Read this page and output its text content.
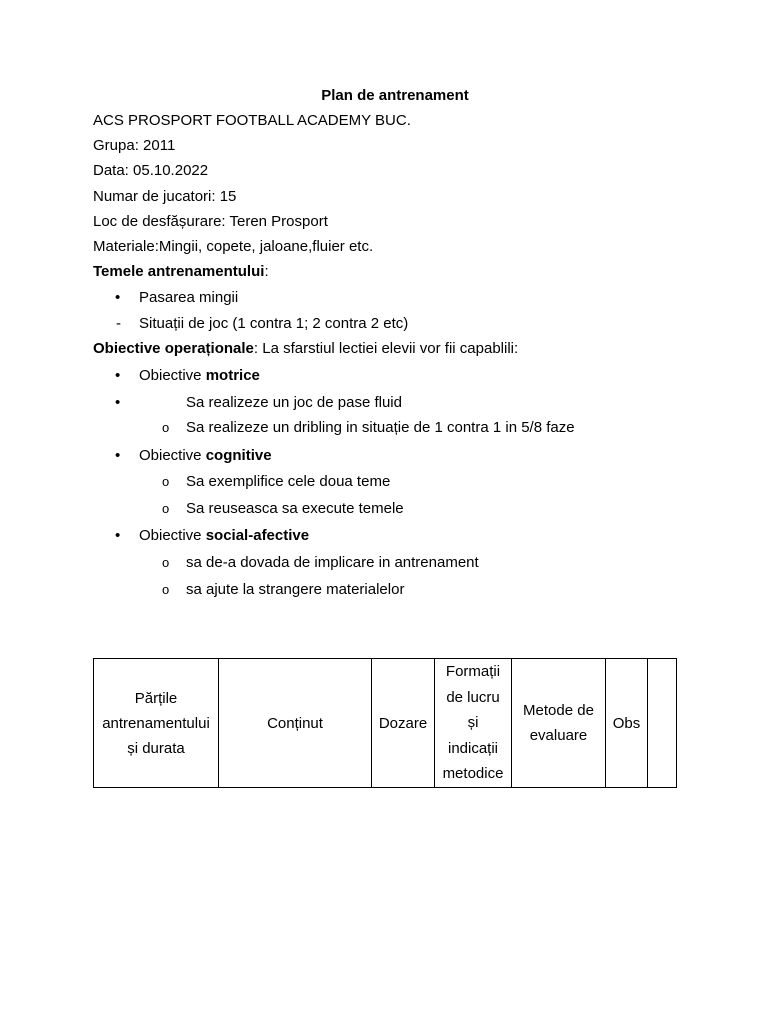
Plan de antrenament
ACS PROSPORT FOOTBALL ACADEMY BUC.
Grupa: 2011
Data: 05.10.2022
Numar de jucatori: 15
Loc de desfășurare: Teren Prosport
Materiale:Mingii, copete, jaloane,fluier etc.
Temele antrenamentului:
• Pasarea mingii
- Situații de joc (1 contra 1; 2 contra 2 etc)
Obiective operaționale: La sfarstiul lectiei elevii vor fii capablili:
• Obiective motrice
•	Sa realizeze un joc de pase fluid
o Sa realizeze un dribling in situație de 1 contra 1 in 5/8 faze
• Obiective cognitive
o Sa exemplifice cele doua teme
o Sa reuseasca sa execute temele
• Obiective social-afective
o sa de-a dovada de implicare in antrenament
o sa ajute la strangere materialelor
Părțile
antrenamentului
și durata

Conținut	Dozare

Formații
de lucru
și
indicații
metodice

Metode de
evaluare

Obs
